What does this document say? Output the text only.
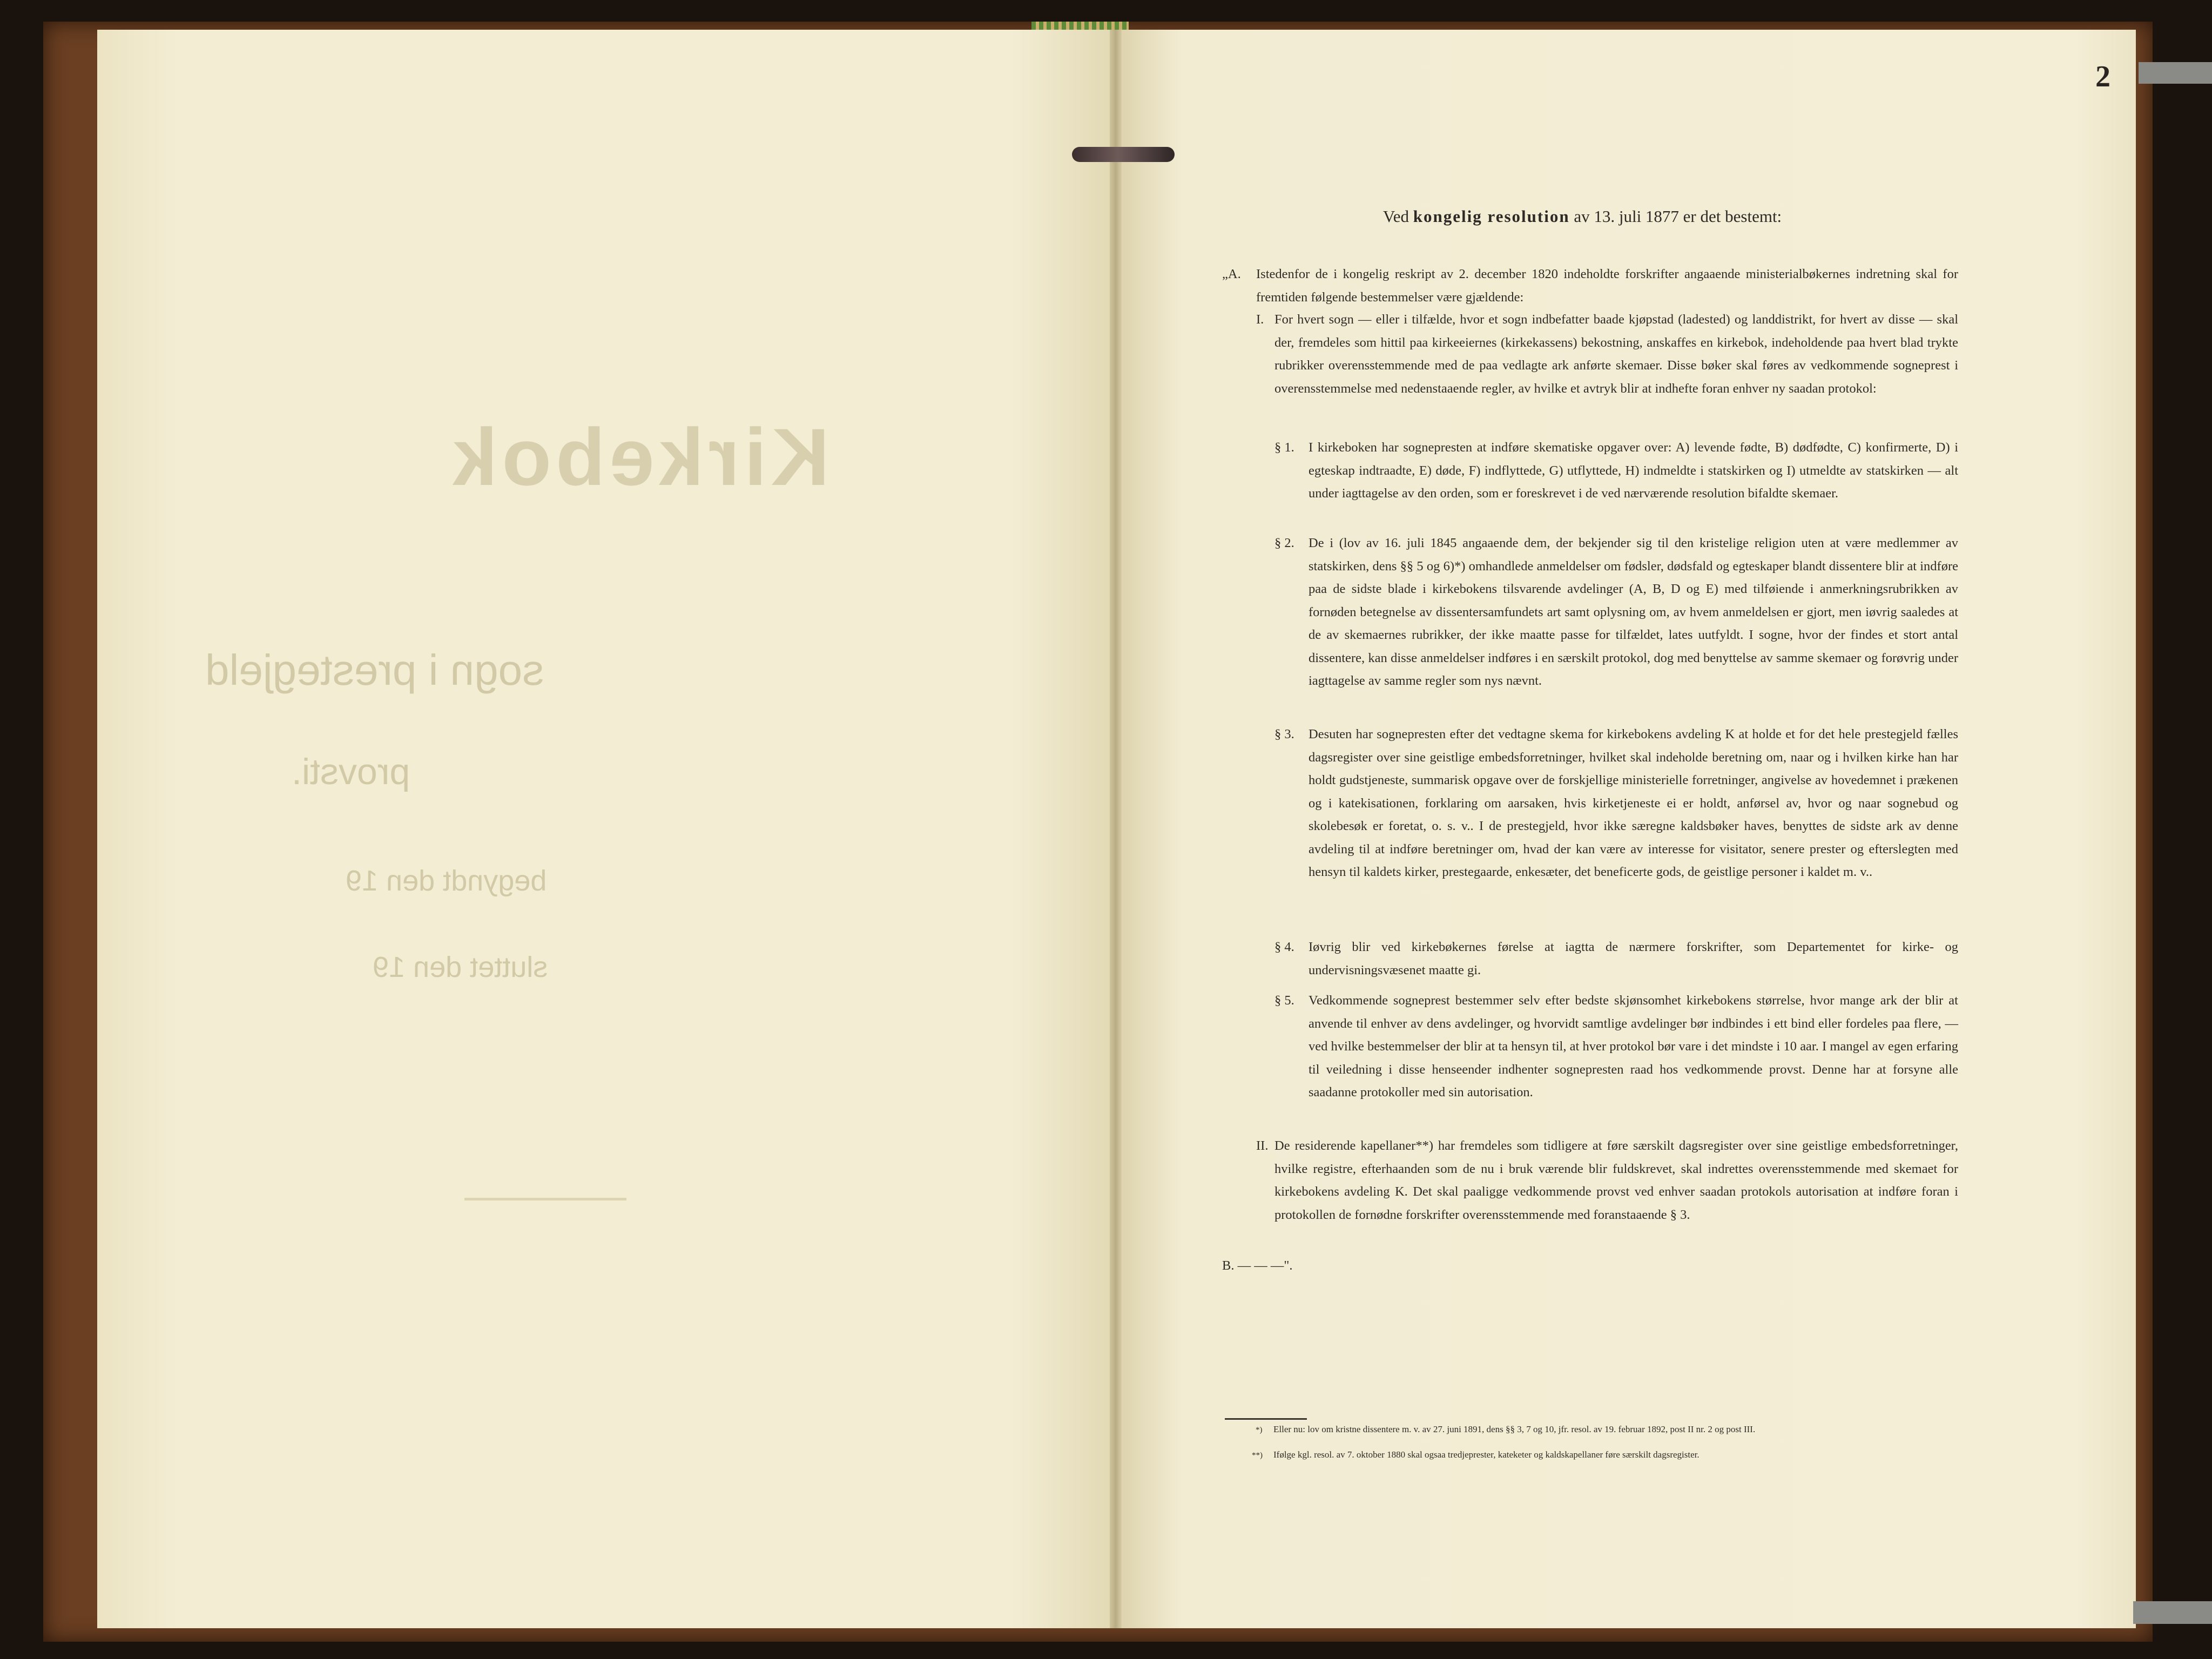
Kirkebok
sogn i prestegjeld
provsti.
begyndt den 19
sluttet den 19
2
Ved kongelig resolution av 13. juli 1877 er det bestemt:
„A. Istedenfor de i kongelig reskript av 2. december 1820 indeholdte forskrifter angaaende ministerialbøkernes indretning skal for fremtiden følgende bestemmelser være gjældende:
I. For hvert sogn — eller i tilfælde, hvor et sogn indbefatter baade kjøpstad (ladested) og landdistrikt, for hvert av disse — skal der, fremdeles som hittil paa kirkeeiernes (kirkekassens) bekostning, anskaffes en kirkebok, indeholdende paa hvert blad trykte rubrikker overensstemmende med de paa vedlagte ark anførte skemaer. Disse bøker skal føres av vedkommende sogneprest i overensstemmelse med nedenstaaende regler, av hvilke et avtryk blir at indhefte foran enhver ny saadan protokol:
§ 1. I kirkeboken har sognepresten at indføre skematiske opgaver over: A) levende fødte, B) dødfødte, C) konfirmerte, D) i egteskap indtraadte, E) døde, F) indflyttede, G) utflyttede, H) indmeldte i statskirken og I) utmeldte av statskirken — alt under iagttagelse av den orden, som er foreskrevet i de ved nærværende resolution bifaldte skemaer.
§ 2. De i (lov av 16. juli 1845 angaaende dem, der bekjender sig til den kristelige religion uten at være medlemmer av statskirken, dens §§ 5 og 6)*) omhandlede anmeldelser om fødsler, dødsfald og egteskaper blandt dissentere blir at indføre paa de sidste blade i kirkebokens tilsvarende avdelinger (A, B, D og E) med tilføiende i anmerkningsrubrikken av fornøden betegnelse av dissentersamfundets art samt oplysning om, av hvem anmeldelsen er gjort, men iøvrig saaledes at de av skemaernes rubrikker, der ikke maatte passe for tilfældet, lates uutfyldt. I sogne, hvor der findes et stort antal dissentere, kan disse anmeldelser indføres i en særskilt protokol, dog med benyttelse av samme skemaer og forøvrig under iagttagelse av samme regler som nys nævnt.
§ 3. Desuten har sognepresten efter det vedtagne skema for kirkebokens avdeling K at holde et for det hele prestegjeld fælles dagsregister over sine geistlige embedsforretninger, hvilket skal indeholde beretning om, naar og i hvilken kirke han har holdt gudstjeneste, summarisk opgave over de forskjellige ministerielle forretninger, angivelse av hovedemnet i prækenen og i katekisationen, forklaring om aarsaken, hvis kirketjeneste ei er holdt, anførsel av, hvor og naar sognebud og skolebesøk er foretat, o. s. v.. I de prestegjeld, hvor ikke særegne kaldsbøker haves, benyttes de sidste ark av denne avdeling til at indføre beretninger om, hvad der kan være av interesse for visitator, senere prester og efterslegten med hensyn til kaldets kirker, prestegaarde, enkesæter, det beneficerte gods, de geistlige personer i kaldet m. v..
§ 4. Iøvrig blir ved kirkebøkernes førelse at iagtta de nærmere forskrifter, som Departementet for kirke- og undervisningsvæsenet maatte gi.
§ 5. Vedkommende sogneprest bestemmer selv efter bedste skjønsomhet kirkebokens størrelse, hvor mange ark der blir at anvende til enhver av dens avdelinger, og hvorvidt samtlige avdelinger bør indbindes i ett bind eller fordeles paa flere, — ved hvilke bestemmelser der blir at ta hensyn til, at hver protokol bør vare i det mindste i 10 aar. I mangel av egen erfaring til veiledning i disse henseender indhenter sognepresten raad hos vedkommende provst. Denne har at forsyne alle saadanne protokoller med sin autorisation.
II. De residerende kapellaner**) har fremdeles som tidligere at føre særskilt dagsregister over sine geistlige embedsforretninger, hvilke registre, efterhaanden som de nu i bruk værende blir fuldskrevet, skal indrettes overensstemmende med skemaet for kirkebokens avdeling K. Det skal paaligge vedkommende provst ved enhver saadan protokols autorisation at indføre foran i protokollen de fornødne forskrifter overensstemmende med foranstaaende § 3.
B. — — —".
*) Eller nu: lov om kristne dissentere m. v. av 27. juni 1891, dens §§ 3, 7 og 10, jfr. resol. av 19. februar 1892, post II nr. 2 og post III.
**) Ifølge kgl. resol. av 7. oktober 1880 skal ogsaa tredjeprester, kateketer og kaldskapellaner føre særskilt dagsregister.
